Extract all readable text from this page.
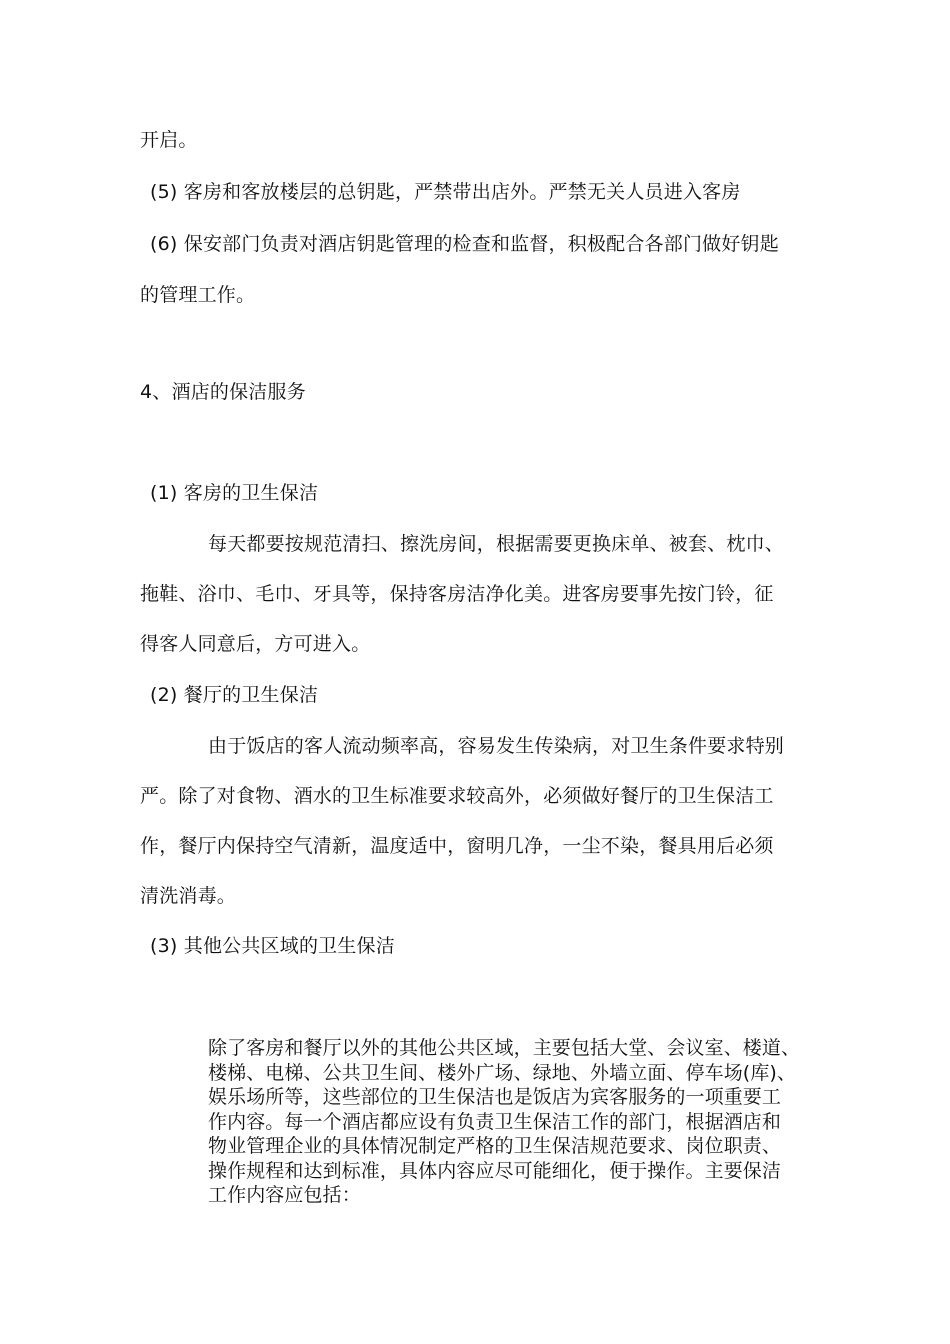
开启。
(5) 客房和客放楼层的总钥匙，严禁带出店外。严禁无关人员进入客房
(6) 保安部门负责对酒店钥匙管理的检查和监督，积极配合各部门做好钥匙
的管理工作。
4、酒店的保洁服务
(1) 客房的卫生保洁
每天都要按规范清扫、擦洗房间，根据需要更换床单、被套、枕巾、
拖鞋、浴巾、毛巾、牙具等，保持客房洁净化美。进客房要事先按门铃，征
得客人同意后，方可进入。
(2) 餐厅的卫生保洁
由于饭店的客人流动频率高，容易发生传染病，对卫生条件要求特别
严。除了对食物、酒水的卫生标准要求较高外，必须做好餐厅的卫生保洁工
作，餐厅内保持空气清新，温度适中，窗明几净，一尘不染，餐具用后必须
清洗消毒。
(3) 其他公共区域的卫生保洁
除了客房和餐厅以外的其他公共区域，主要包括大堂、会议室、楼道、
楼梯、电梯、公共卫生间、楼外广场、绿地、外墙立面、停车场(库)、
娱乐场所等，这些部位的卫生保洁也是饭店为宾客服务的一项重要工
作内容。每一个酒店都应设有负责卫生保洁工作的部门，根据酒店和
物业管理企业的具体情况制定严格的卫生保洁规范要求、岗位职责、
操作规程和达到标准，具体内容应尽可能细化，便于操作。主要保洁
工作内容应包括：
